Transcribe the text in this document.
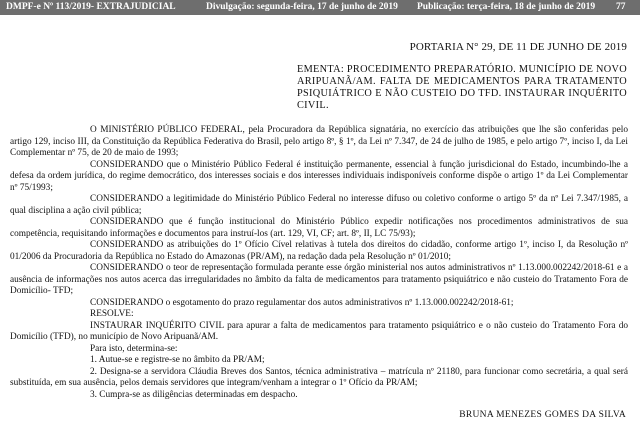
DMPF-e Nº 113/2019- EXTRAJUDICIAL	Divulgação: segunda-feira, 17 de junho de 2019 Publicação: terça-feira, 18 de junho de 2019 77
PORTARIA N° 29, DE 11 DE JUNHO DE 2019
EMENTA: PROCEDIMENTO PREPARATÓRIO. MUNICÍPIO DE NOVO ARIPUANÃ/AM. FALTA DE MEDICAMENTOS PARA TRATAMENTO PSIQUIÁTRICO E NÃO CUSTEIO DO TFD. INSTAURAR INQUÉRITO CIVIL.

O MINISTÉRIO PÚBLICO FEDERAL, pela Procuradora da República signatária, no exercício das atribuições que lhe são conferidas pelo artigo 129, inciso III, da Constituição da República Federativa do Brasil, pelo artigo 8º, § 1º, da Lei nº 7.347, de 24 de julho de 1985, e pelo artigo 7º, inciso I, da Lei Complementar nº 75, de 20 de maio de 1993;

CONSIDERANDO que o Ministério Público Federal é instituição permanente, essencial à função jurisdicional do Estado, incumbindo-lhe a defesa da ordem jurídica, do regime democrático, dos interesses sociais e dos interesses individuais indisponíveis conforme dispõe o artigo 1º da Lei Complementar nº 75/1993;

CONSIDERANDO a legitimidade do Ministério Público Federal no interesse difuso ou coletivo conforme o artigo 5º da nº Lei 7.347/1985, a qual disciplina a ação civil pública;

CONSIDERANDO que é função institucional do Ministério Público expedir notificações nos procedimentos administrativos de sua competência, requisitando informações e documentos para instruí-los (art. 129, VI, CF; art. 8º, II, LC 75/93);

CONSIDERANDO as atribuições do 1º Ofício Cível relativas à tutela dos direitos do cidadão, conforme artigo 1º, inciso I, da Resolução nº 01/2006 da Procuradoria da República no Estado do Amazonas (PR/AM), na redação dada pela Resolução nº 01/2010;

CONSIDERANDO o teor de representação formulada perante esse órgão ministerial nos autos administrativos nº 1.13.000.002242/2018-61 e a ausência de informações nos autos acerca das irregularidades no âmbito da falta de medicamentos para tratamento psiquiátrico e não custeio do Tratamento Fora de Domicílio- TFD;

CONSIDERANDO o esgotamento do prazo regulamentar dos autos administrativos nº 1.13.000.002242/2018-61;

RESOLVE:

INSTAURAR INQUÉRITO CIVIL para apurar a falta de medicamentos para tratamento psiquiátrico e o não custeio do Tratamento Fora do Domicílio (TFD), no município de Novo Aripuanã/AM.

Para isto, determina-se:

1. Autue-se e registre-se no âmbito da PR/AM;

2. Designa-se a servidora Cláudia Breves dos Santos, técnica administrativa – matrícula nº 21180, para funcionar como secretária, a qual será substituída, em sua ausência, pelos demais servidores que integram/venham a integrar o 1º Ofício da PR/AM;

3. Cumpra-se as diligências determinadas em despacho.

BRUNA MENEZES GOMES DA SILVA
